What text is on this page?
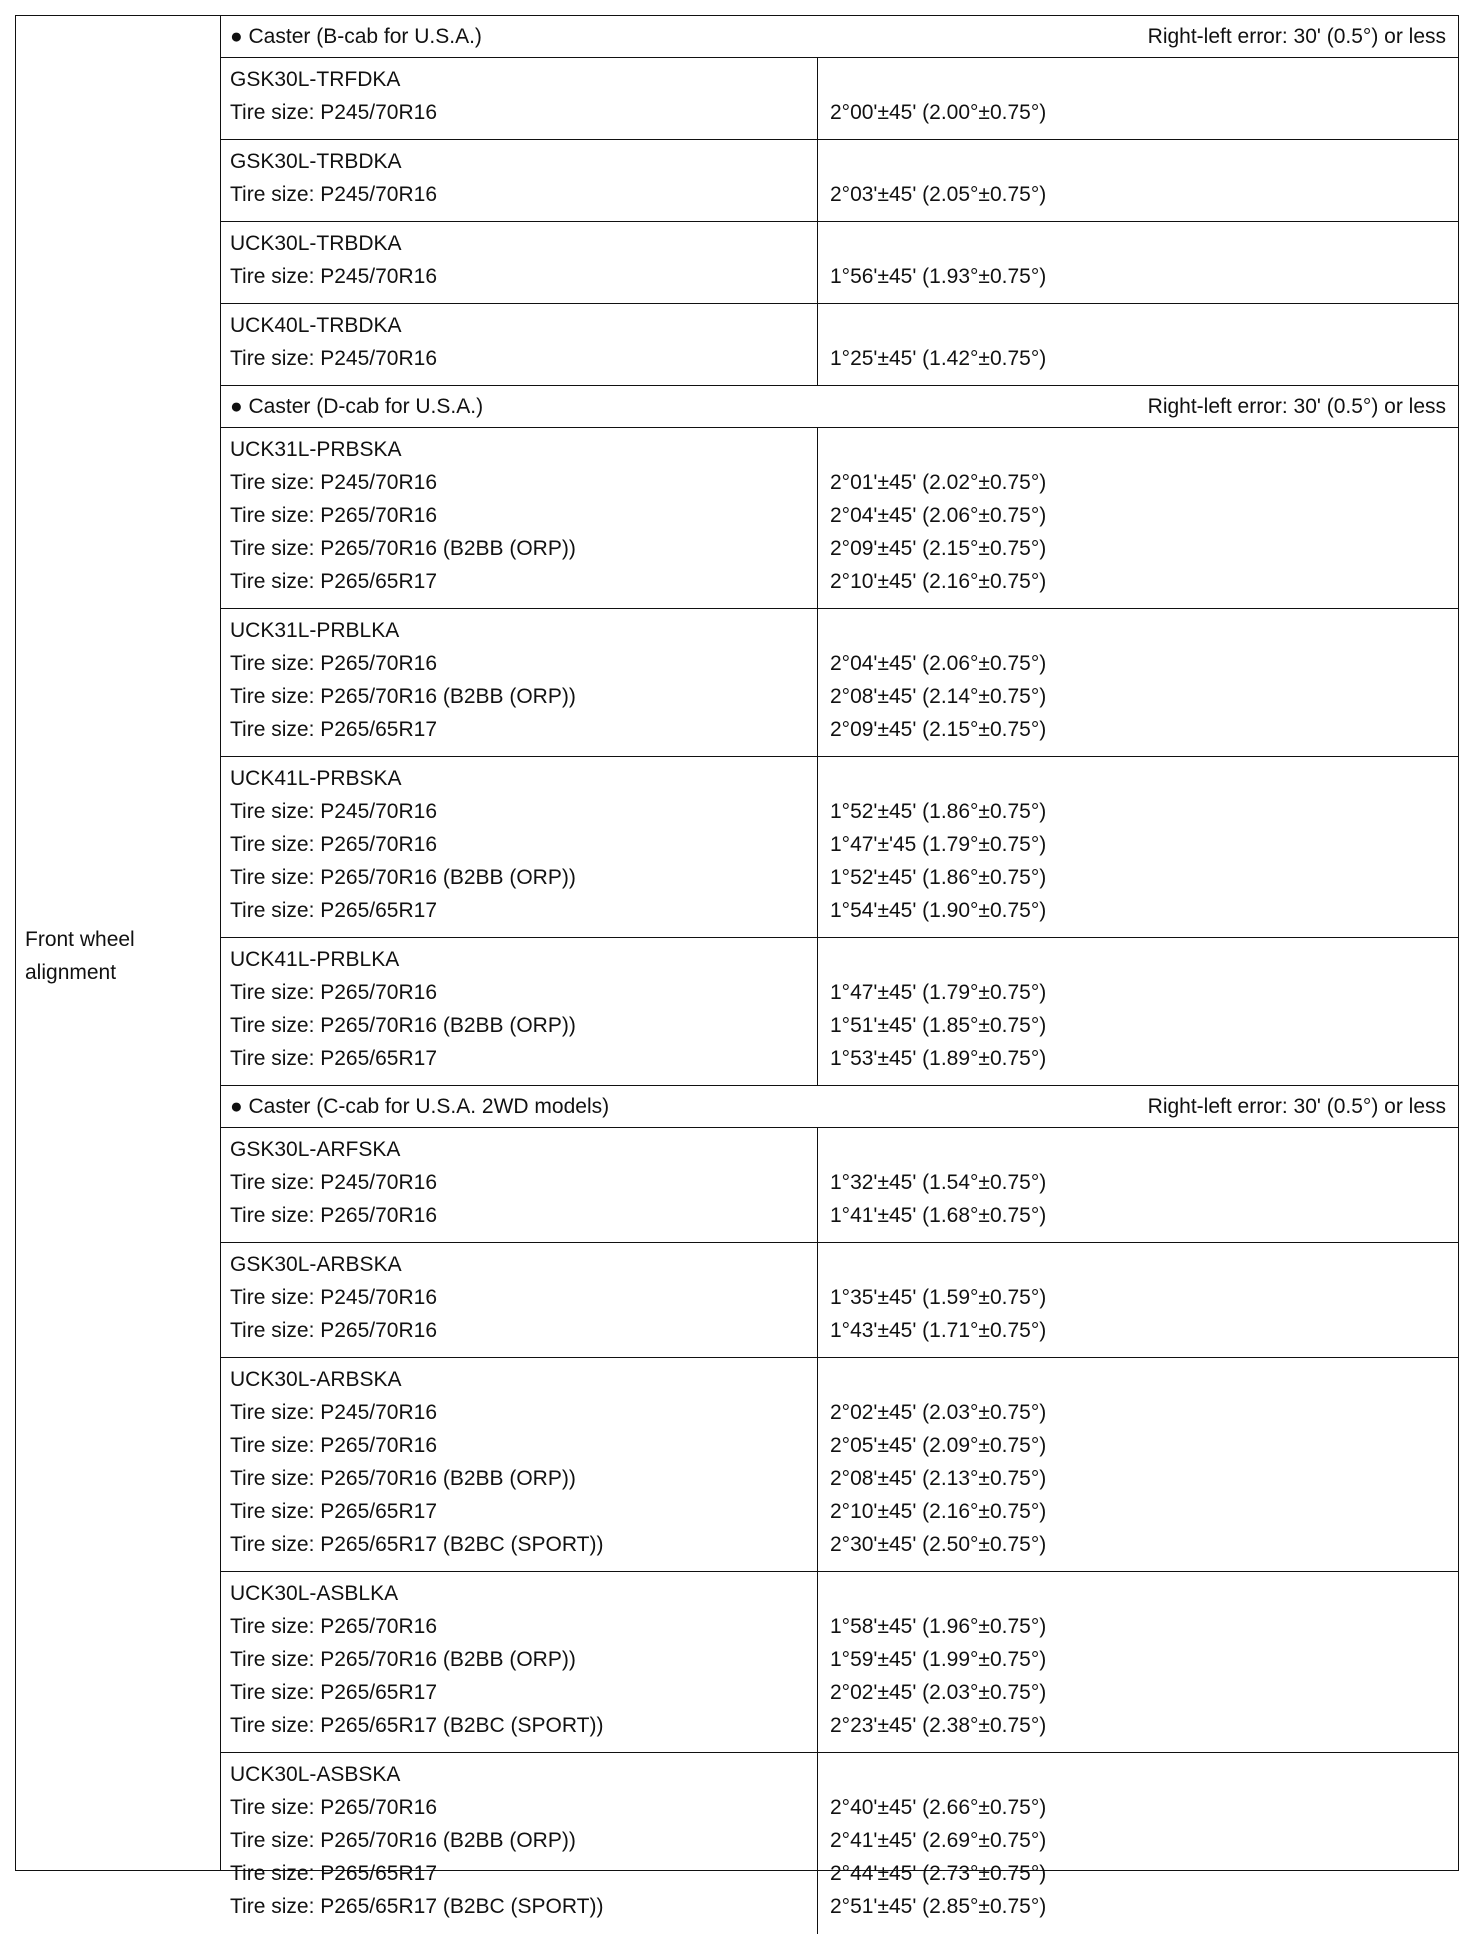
Front wheel alignment
● Caster (B-cab for U.S.A.)	Right-left error: 30' (0.5°) or less
GSK30L-TRFDKA
Tire size: P245/70R16	2°00'±45' (2.00°±0.75°)
GSK30L-TRBDKA
Tire size: P245/70R16	2°03'±45' (2.05°±0.75°)
UCK30L-TRBDKA
Tire size: P245/70R16	1°56'±45' (1.93°±0.75°)
UCK40L-TRBDKA
Tire size: P245/70R16	1°25'±45' (1.42°±0.75°)
● Caster (D-cab for U.S.A.)	Right-left error: 30' (0.5°) or less
UCK31L-PRBSKA
Tire size: P245/70R16	2°01'±45' (2.02°±0.75°)
Tire size: P265/70R16	2°04'±45' (2.06°±0.75°)
Tire size: P265/70R16 (B2BB (ORP))	2°09'±45' (2.15°±0.75°)
Tire size: P265/65R17	2°10'±45' (2.16°±0.75°)
UCK31L-PRBLKA
Tire size: P265/70R16	2°04'±45' (2.06°±0.75°)
Tire size: P265/70R16 (B2BB (ORP))	2°08'±45' (2.14°±0.75°)
Tire size: P265/65R17	2°09'±45' (2.15°±0.75°)
UCK41L-PRBSKA
Tire size: P245/70R16	1°52'±45' (1.86°±0.75°)
Tire size: P265/70R16	1°47'±'45 (1.79°±0.75°)
Tire size: P265/70R16 (B2BB (ORP))	1°52'±45' (1.86°±0.75°)
Tire size: P265/65R17	1°54'±45' (1.90°±0.75°)
UCK41L-PRBLKA
Tire size: P265/70R16	1°47'±45' (1.79°±0.75°)
Tire size: P265/70R16 (B2BB (ORP))	1°51'±45' (1.85°±0.75°)
Tire size: P265/65R17	1°53'±45' (1.89°±0.75°)
● Caster (C-cab for U.S.A. 2WD models)	Right-left error: 30' (0.5°) or less
GSK30L-ARFSKA
Tire size: P245/70R16	1°32'±45' (1.54°±0.75°)
Tire size: P265/70R16	1°41'±45' (1.68°±0.75°)
GSK30L-ARBSKA
Tire size: P245/70R16	1°35'±45' (1.59°±0.75°)
Tire size: P265/70R16	1°43'±45' (1.71°±0.75°)
UCK30L-ARBSKA
Tire size: P245/70R16	2°02'±45' (2.03°±0.75°)
Tire size: P265/70R16	2°05'±45' (2.09°±0.75°)
Tire size: P265/70R16 (B2BB (ORP))	2°08'±45' (2.13°±0.75°)
Tire size: P265/65R17	2°10'±45' (2.16°±0.75°)
Tire size: P265/65R17 (B2BC (SPORT))	2°30'±45' (2.50°±0.75°)
UCK30L-ASBLKA
Tire size: P265/70R16	1°58'±45' (1.96°±0.75°)
Tire size: P265/70R16 (B2BB (ORP))	1°59'±45' (1.99°±0.75°)
Tire size: P265/65R17	2°02'±45' (2.03°±0.75°)
Tire size: P265/65R17 (B2BC (SPORT))	2°23'±45' (2.38°±0.75°)
UCK30L-ASBSKA
Tire size: P265/70R16	2°40'±45' (2.66°±0.75°)
Tire size: P265/70R16 (B2BB (ORP))	2°41'±45' (2.69°±0.75°)
Tire size: P265/65R17	2°44'±45' (2.73°±0.75°)
Tire size: P265/65R17 (B2BC (SPORT))	2°51'±45' (2.85°±0.75°)
